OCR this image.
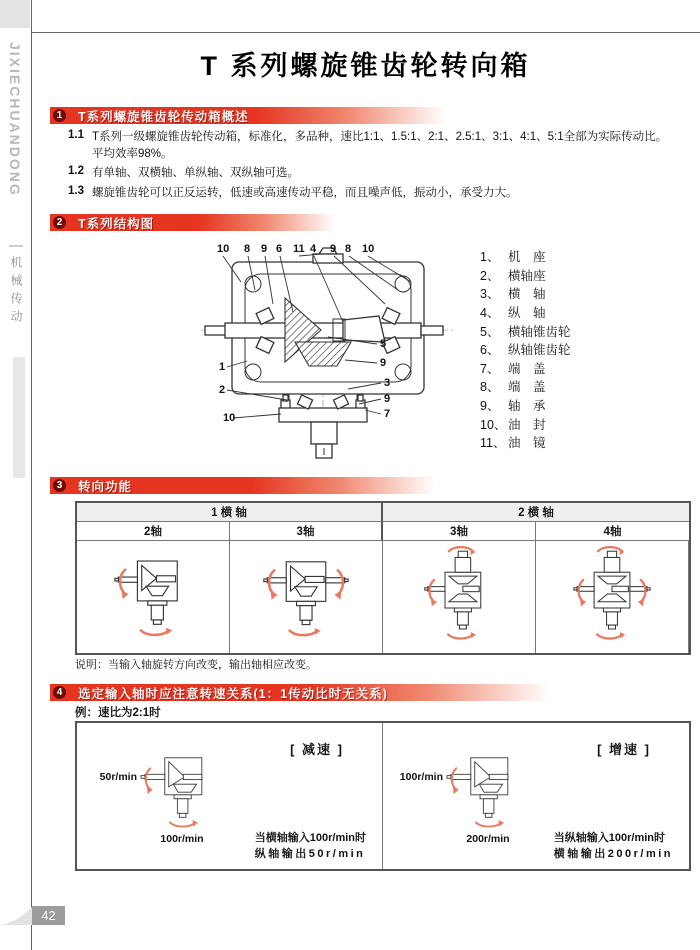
JIXIECHUANDONG
机械传动
T 系列螺旋锥齿轮转向箱
1 T系列螺旋锥齿轮传动箱概述
1.1 T系列一级螺旋锥齿轮传动箱，标准化，多品种，速比1:1、1.5:1、2:1、2.5:1、3:1、4:1、5:1全部为实际传动比。平均效率98%。
1.2 有单轴、双横轴、单纵轴、双纵轴可选。
1.3 螺旋锥齿轮可以正反运转，低速或高速传动平稳，而且噪声低，振动小，承受力大。
2 T系列结构图
10 8 9 6 11 4 9 8 10
1
2
10
5
9
3
9
7
1、 机　座
2、 横轴座
3、 横　轴
4、 纵　轴
5、 横轴锥齿轮
6、 纵轴锥齿轮
7、 端　盖
8、 端　盖
9、 轴　承
10、 油　封
11、 油　镜
3 转向功能
1 横 轴	2 横 轴
2轴	3轴	3轴	4轴
说明：当输入轴旋转方向改变，输出轴相应改变。
4 选定输入轴时应注意转速关系(1：1传动比时无关系)
例：速比为2:1时
[ 减速 ]
50r/min
100r/min	当横轴输入100r/min时
纵轴输出50r/min
[ 增速 ]
100r/min
200r/min	当纵轴输入100r/min时
横轴输出200r/min
42
